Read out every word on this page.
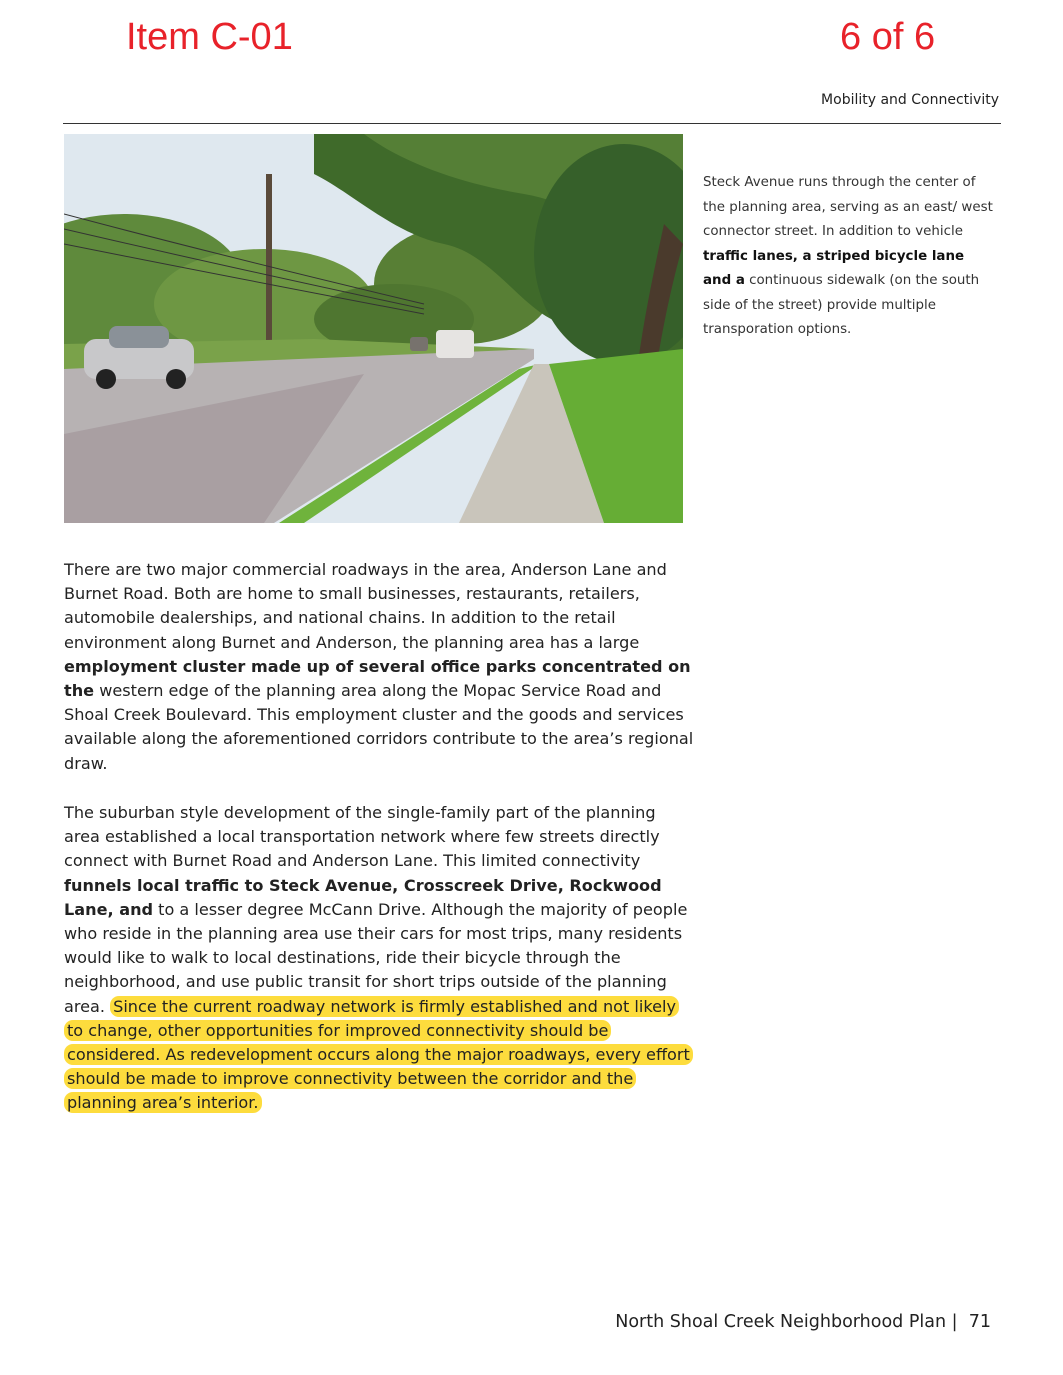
Item C-01	6 of 6
Mobility and Connectivity
Steck Avenue runs through the center of the planning area, serving as an east/ west connector street. In addition to vehicle traffic lanes, a striped bicycle lane and a continuous sidewalk (on the south side of the street) provide multiple transporation options.
There are two major commercial roadways in the area, Anderson Lane and Burnet Road. Both are home to small businesses, restaurants, retailers, automobile dealerships, and national chains. In addition to the retail environment along Burnet and Anderson, the planning area has a large employment cluster made up of several office parks concentrated on the western edge of the planning area along the Mopac Service Road and Shoal Creek Boulevard. This employment cluster and the goods and services available along the aforementioned corridors contribute to the area’s regional draw.
The suburban style development of the single-family part of the planning area established a local transportation network where few streets directly connect with Burnet Road and Anderson Lane. This limited connectivity funnels local traffic to Steck Avenue, Crosscreek Drive, Rockwood Lane, and to a lesser degree McCann Drive. Although the majority of people who reside in the planning area use their cars for most trips, many residents would like to walk to local destinations, ride their bicycle through the neighborhood, and use public transit for short trips outside of the planning area. Since the current roadway network is firmly established and not likely to change, other opportunities for improved connectivity should be considered. As redevelopment occurs along the major roadways, every effort should be made to improve connectivity between the corridor and the planning area’s interior.
North Shoal Creek Neighborhood Plan | 71
